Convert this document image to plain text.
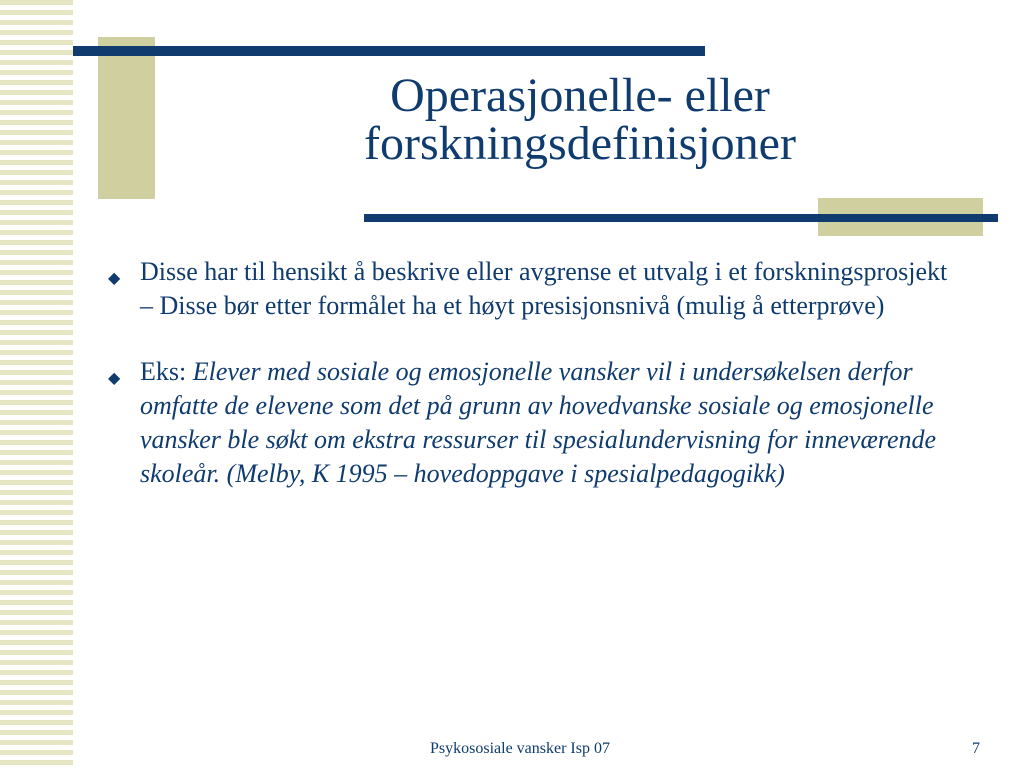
Operasjonelle- eller
forskningsdefinisjoner
◆ Disse har til hensikt å beskrive eller avgrense et utvalg i et forskningsprosjekt – Disse bør etter formålet ha et høyt presisjonsnivå (mulig å etterprøve)
◆ Eks: Elever med sosiale og emosjonelle vansker vil i undersøkelsen derfor omfatte de elevene som det på grunn av hovedvanske sosiale og emosjonelle vansker ble søkt om ekstra ressurser til spesialundervisning for inneværende skoleår. (Melby, K 1995 – hovedoppgave i spesialpedagogikk)
Psykososiale vansker Isp 07	7
